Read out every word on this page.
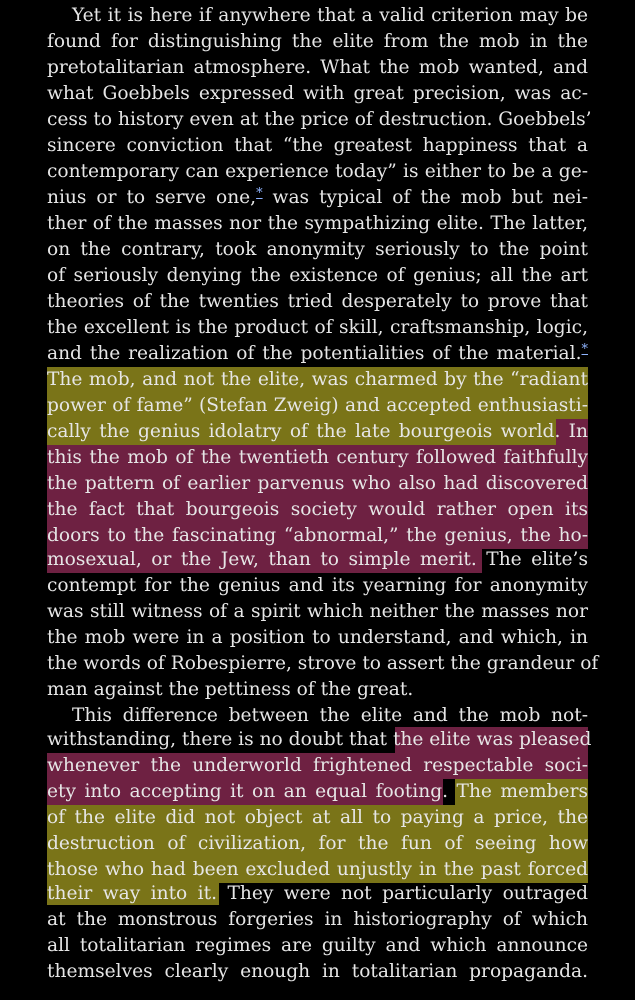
Yet it is here if anywhere that a valid criterion may be
found for distinguishing the elite from the mob in the
pretotalitarian atmosphere. What the mob wanted, and
what Goebbels expressed with great precision, was ac-
cess to history even at the price of destruction. Goebbels’
sincere conviction that “the greatest happiness that a
contemporary can experience today” is either to be a ge-
nius or to serve one,* was typical of the mob but nei-
ther of the masses nor the sympathizing elite. The latter,
on the contrary, took anonymity seriously to the point
of seriously denying the existence of genius; all the art
theories of the twenties tried desperately to prove that
the excellent is the product of skill, craftsmanship, logic,
and the realization of the potentialities of the material.*
The mob, and not the elite, was charmed by the “radiant
power of fame” (Stefan Zweig) and accepted enthusiasti-
cally the genius idolatry of the late bourgeois world. In
this the mob of the twentieth century followed faithfully
the pattern of earlier parvenus who also had discovered
the fact that bourgeois society would rather open its
doors to the fascinating “abnormal,” the genius, the ho-
mosexual, or the Jew, than to simple merit. The elite’s
contempt for the genius and its yearning for anonymity
was still witness of a spirit which neither the masses nor
the mob were in a position to understand, and which, in
the words of Robespierre, strove to assert the grandeur of
man against the pettiness of the great.
This difference between the elite and the mob not-
withstanding, there is no doubt that the elite was pleased
whenever the underworld frightened respectable soci-
ety into accepting it on an equal footing. The members
of the elite did not object at all to paying a price, the
destruction of civilization, for the fun of seeing how
those who had been excluded unjustly in the past forced
their way into it. They were not particularly outraged
at the monstrous forgeries in historiography of which
all totalitarian regimes are guilty and which announce
themselves clearly enough in totalitarian propaganda.
